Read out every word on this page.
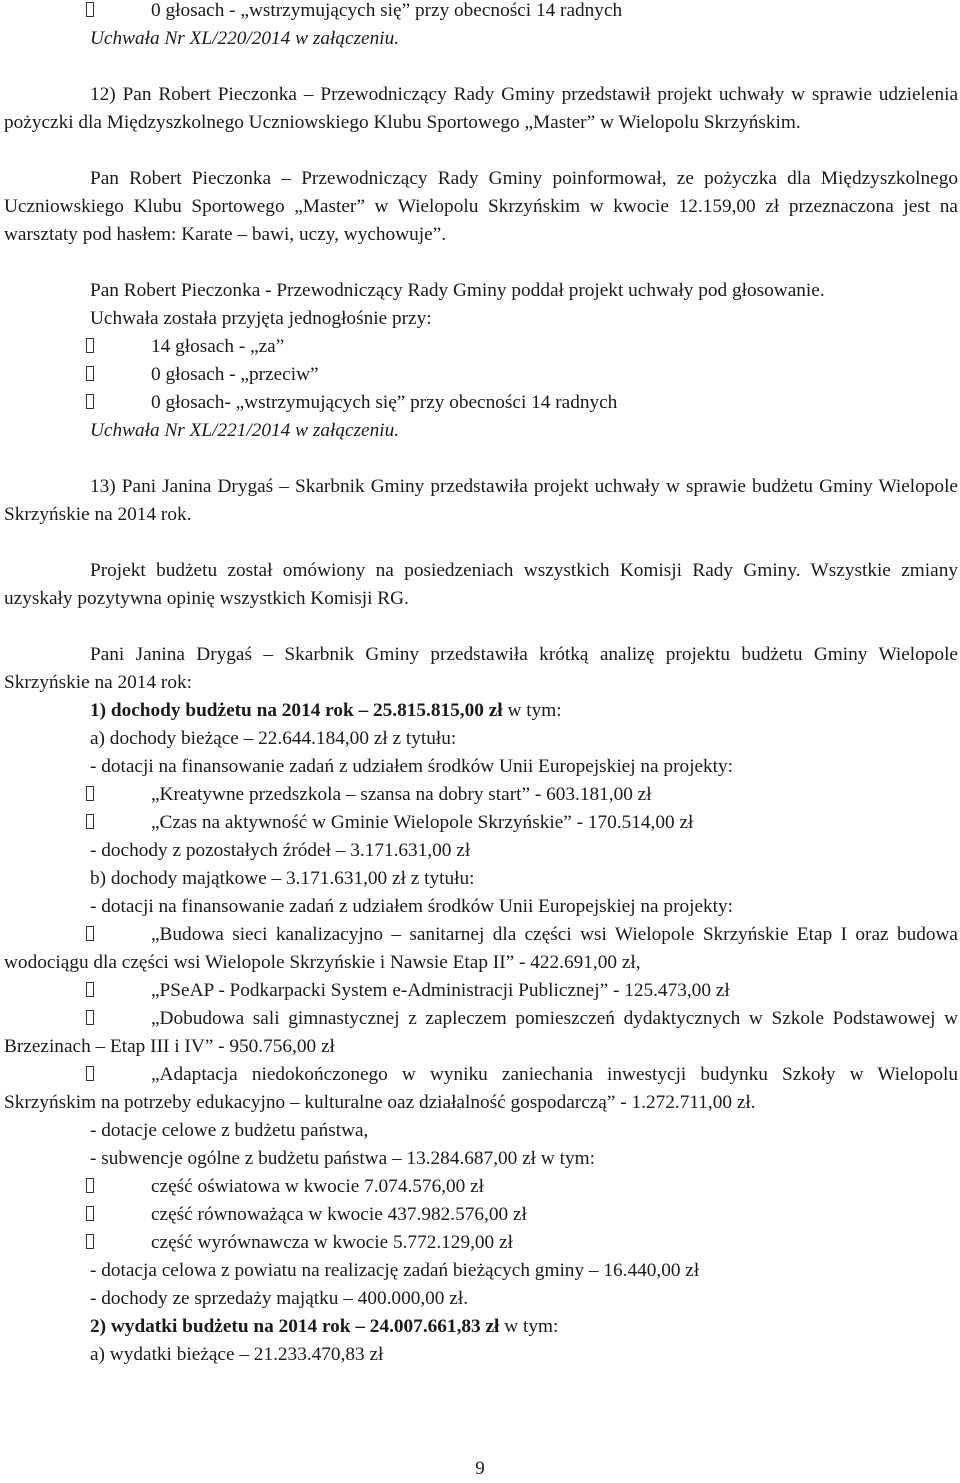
0 głosach - „wstrzymujących się” przy obecności 14 radnych
Uchwała Nr XL/220/2014 w załączeniu.
12) Pan Robert Pieczonka – Przewodniczący Rady Gminy przedstawił projekt uchwały w sprawie udzielenia pożyczki dla Międzyszkolnego Uczniowskiego Klubu Sportowego „Master” w Wielopolu Skrzyńskim.
Pan Robert Pieczonka – Przewodniczący Rady Gminy poinformował, ze pożyczka dla Międzyszkolnego Uczniowskiego Klubu Sportowego „Master” w Wielopolu Skrzyńskim w kwocie 12.159,00 zł przeznaczona jest na warsztaty pod hasłem: Karate – bawi, uczy, wychowuje”.
Pan Robert Pieczonka - Przewodniczący Rady Gminy poddał projekt uchwały pod głosowanie.
Uchwała została przyjęta jednogłośnie przy:
14 głosach - „za”
0 głosach - „przeciw”
0 głosach- „wstrzymujących się” przy obecności 14 radnych
Uchwała Nr XL/221/2014 w załączeniu.
13) Pani Janina Drygaś – Skarbnik Gminy przedstawiła projekt uchwały w sprawie budżetu Gminy Wielopole Skrzyńskie na 2014 rok.
Projekt budżetu został omówiony na posiedzeniach wszystkich Komisji Rady Gminy. Wszystkie zmiany uzyskały pozytywna opinię wszystkich Komisji RG.
Pani Janina Drygaś – Skarbnik Gminy przedstawiła krótką analizę projektu budżetu Gminy Wielopole Skrzyńskie na 2014 rok:
1) dochody budżetu na 2014 rok – 25.815.815,00 zł w tym:
a) dochody bieżące – 22.644.184,00 zł z tytułu:
- dotacji na finansowanie zadań z udziałem środków Unii Europejskiej na projekty:
„Kreatywne przedszkola – szansa na dobry start” - 603.181,00 zł
„Czas na aktywność w Gminie Wielopole Skrzyńskie” - 170.514,00 zł
- dochody z pozostałych źródeł – 3.171.631,00 zł
b) dochody majątkowe – 3.171.631,00 zł z tytułu:
- dotacji na finansowanie zadań z udziałem środków Unii Europejskiej na projekty:
„Budowa sieci kanalizacyjno – sanitarnej dla części wsi Wielopole Skrzyńskie Etap I oraz budowa wodociągu dla części wsi Wielopole Skrzyńskie i Nawsie Etap II” - 422.691,00 zł,
„PSeAP - Podkarpacki System e-Administracji Publicznej” - 125.473,00 zł
„Dobudowa sali gimnastycznej z zapleczem pomieszczeń dydaktycznych w Szkole Podstawowej w Brzezinach – Etap III i IV” - 950.756,00 zł
„Adaptacja niedokończonego w wyniku zaniechania inwestycji budynku Szkoły w Wielopolu Skrzyńskim na potrzeby edukacyjno – kulturalne oaz działalność gospodarczą” - 1.272.711,00 zł.
- dotacje celowe z budżetu państwa,
- subwencje ogólne z budżetu państwa – 13.284.687,00 zł w tym:
część oświatowa w kwocie 7.074.576,00 zł
część równoważąca w kwocie 437.982.576,00 zł
część wyrównawcza w kwocie 5.772.129,00 zł
- dotacja celowa z powiatu na realizację zadań bieżących gminy – 16.440,00 zł
- dochody ze sprzedaży majątku – 400.000,00 zł.
2) wydatki budżetu na 2014 rok – 24.007.661,83 zł w tym:
a) wydatki bieżące – 21.233.470,83 zł
9
